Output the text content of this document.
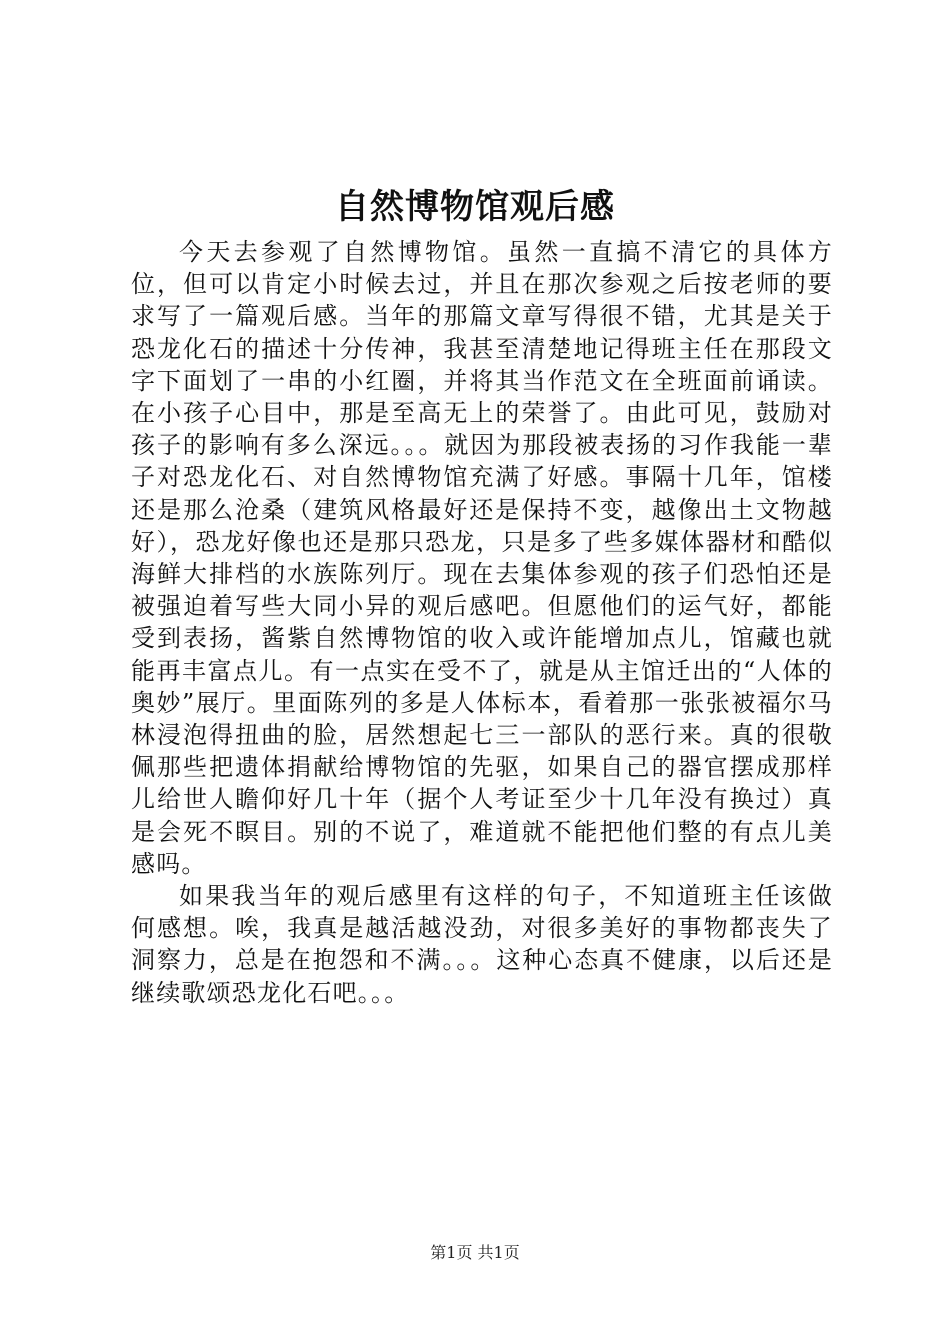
自然博物馆观后感

今天去参观了自然博物馆。虽然一直搞不清它的具体方位，但可以肯定小时候去过，并且在那次参观之后按老师的要求写了一篇观后感。当年的那篇文章写得很不错，尤其是关于恐龙化石的描述十分传神，我甚至清楚地记得班主任在那段文字下面划了一串的小红圈，并将其当作范文在全班面前诵读。在小孩子心目中，那是至高无上的荣誉了。由此可见，鼓励对孩子的影响有多么深远。。。就因为那段被表扬的习作我能一辈子对恐龙化石、对自然博物馆充满了好感。事隔十几年，馆楼还是那么沧桑（建筑风格最好还是保持不变，越像出土文物越好），恐龙好像也还是那只恐龙，只是多了些多媒体器材和酷似海鲜大排档的水族陈列厅。现在去集体参观的孩子们恐怕还是被强迫着写些大同小异的观后感吧。但愿他们的运气好，都能受到表扬，酱紫自然博物馆的收入或许能增加点儿，馆藏也就能再丰富点儿。有一点实在受不了，就是从主馆迁出的“人体的奥妙”展厅。里面陈列的多是人体标本，看着那一张张被福尔马林浸泡得扭曲的脸，居然想起七三一部队的恶行来。真的很敬佩那些把遗体捐献给博物馆的先驱，如果自己的器官摆成那样儿给世人瞻仰好几十年（据个人考证至少十几年没有换过）真是会死不瞑目。别的不说了，难道就不能把他们整的有点儿美感吗。

如果我当年的观后感里有这样的句子，不知道班主任该做何感想。唉，我真是越活越没劲，对很多美好的事物都丧失了洞察力，总是在抱怨和不满。。。这种心态真不健康，以后还是继续歌颂恐龙化石吧。。。

第1页 共1页
